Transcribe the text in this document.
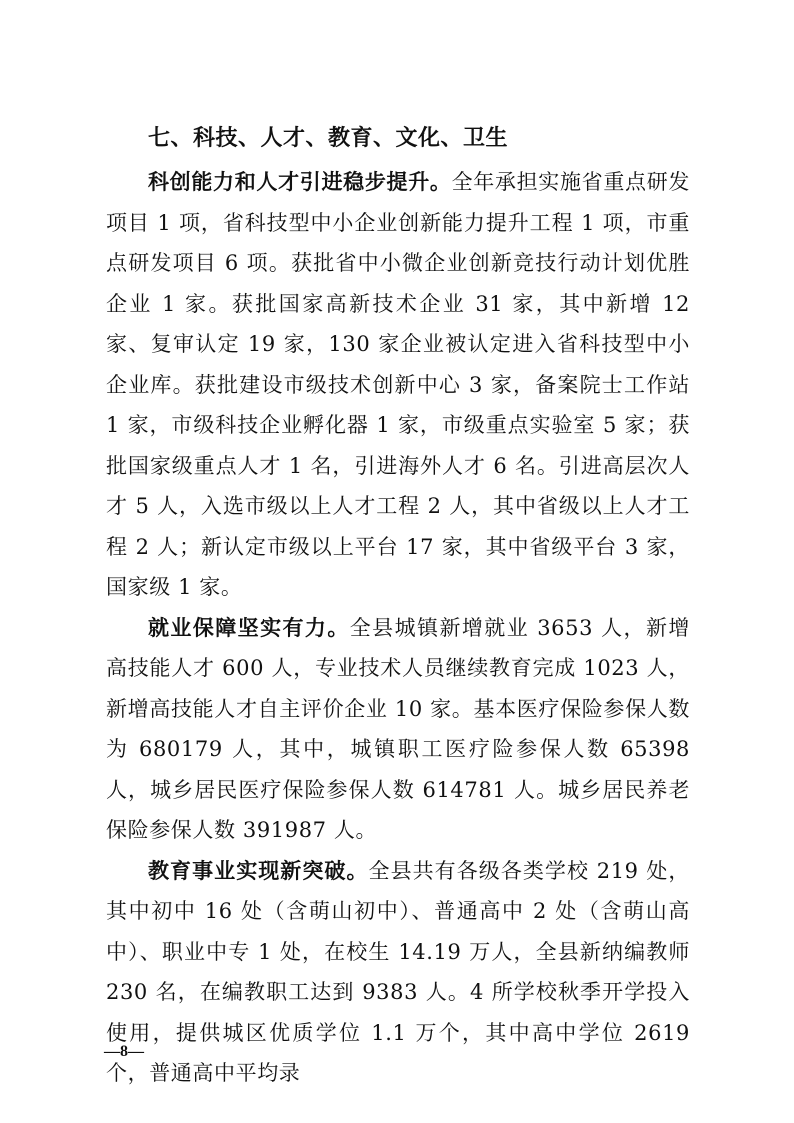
七、科技、人才、教育、文化、卫生

科创能力和人才引进稳步提升。全年承担实施省重点研发项目 1 项，省科技型中小企业创新能力提升工程 1 项，市重点研发项目 6 项。获批省中小微企业创新竞技行动计划优胜企业 1 家。获批国家高新技术企业 31 家，其中新增 12 家、复审认定 19 家，130 家企业被认定进入省科技型中小企业库。获批建设市级技术创新中心 3 家，备案院士工作站 1 家，市级科技企业孵化器 1 家，市级重点实验室 5 家；获批国家级重点人才 1 名，引进海外人才 6 名。引进高层次人才 5 人，入选市级以上人才工程 2 人，其中省级以上人才工程 2 人；新认定市级以上平台 17 家，其中省级平台 3 家，国家级 1 家。

就业保障坚实有力。全县城镇新增就业 3653 人，新增高技能人才 600 人，专业技术人员继续教育完成 1023 人，新增高技能人才自主评价企业 10 家。基本医疗保险参保人数为 680179 人，其中，城镇职工医疗险参保人数 65398 人，城乡居民医疗保险参保人数 614781 人。城乡居民养老保险参保人数 391987 人。

教育事业实现新突破。全县共有各级各类学校 219 处，其中初中 16 处（含萌山初中）、普通高中 2 处（含萌山高中）、职业中专 1 处，在校生 14.19 万人，全县新纳编教师 230 名，在编教职工达到 9383 人。4 所学校秋季开学投入使用，提供城区优质学位 1.1 万个，其中高中学位 2619 个，普通高中平均录

—8—
